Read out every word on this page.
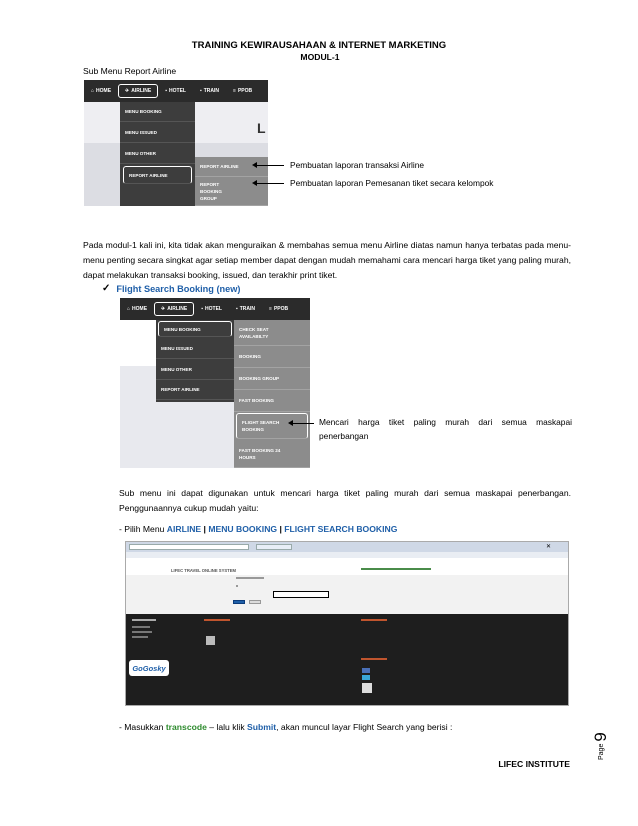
TRAINING KEWIRAUSAHAAN & INTERNET MARKETING
MODUL-1
Sub Menu Report Airline
L
⌂ HOME	✈ AIRLINE	▪ HOTEL	▪ TRAIN	≡ PPOB
MENU BOOKING
MENU ISSUED
MENU OTHER
REPORT AIRLINE
REPORT AIRLINE
REPORT BOOKING GROUP
Pembuatan laporan transaksi Airline
Pembuatan laporan Pemesanan tiket secara kelompok
Pada modul-1 kali ini, kita tidak akan menguraikan & membahas semua menu Airline diatas namun hanya terbatas pada menu-menu penting secara singkat agar setiap member dapat dengan mudah memahami cara mencari harga tiket yang paling murah, dapat melakukan transaksi booking, issued, dan terakhir print tiket.
✓ Flight Search Booking (new)
⌂ HOME	✈ AIRLINE	▪ HOTEL	▪ TRAIN	≡ PPOB
MENU BOOKING
MENU ISSUED
MENU OTHER
REPORT AIRLINE
CHECK SEAT AVAILABILTY
BOOKING
BOOKING GROUP
FAST BOOKING
FLIGHT SEARCH BOOKING
FAST BOOKING 24 HOURS
Mencari harga tiket paling murah dari semua maskapai penerbangan
Sub menu ini dapat digunakan untuk mencari harga tiket paling murah dari semua maskapai penerbangan. Penggunaannya cukup mudah yaitu:
- Pilih Menu AIRLINE | MENU BOOKING | FLIGHT SEARCH BOOKING
✕
LIFEC TRAVEL ONLINE SYSTEM
GoGosky
- Masukkan transcode – lalu klik Submit, akan muncul layar Flight Search yang berisi :
Page
9
LIFEC INSTITUTE
